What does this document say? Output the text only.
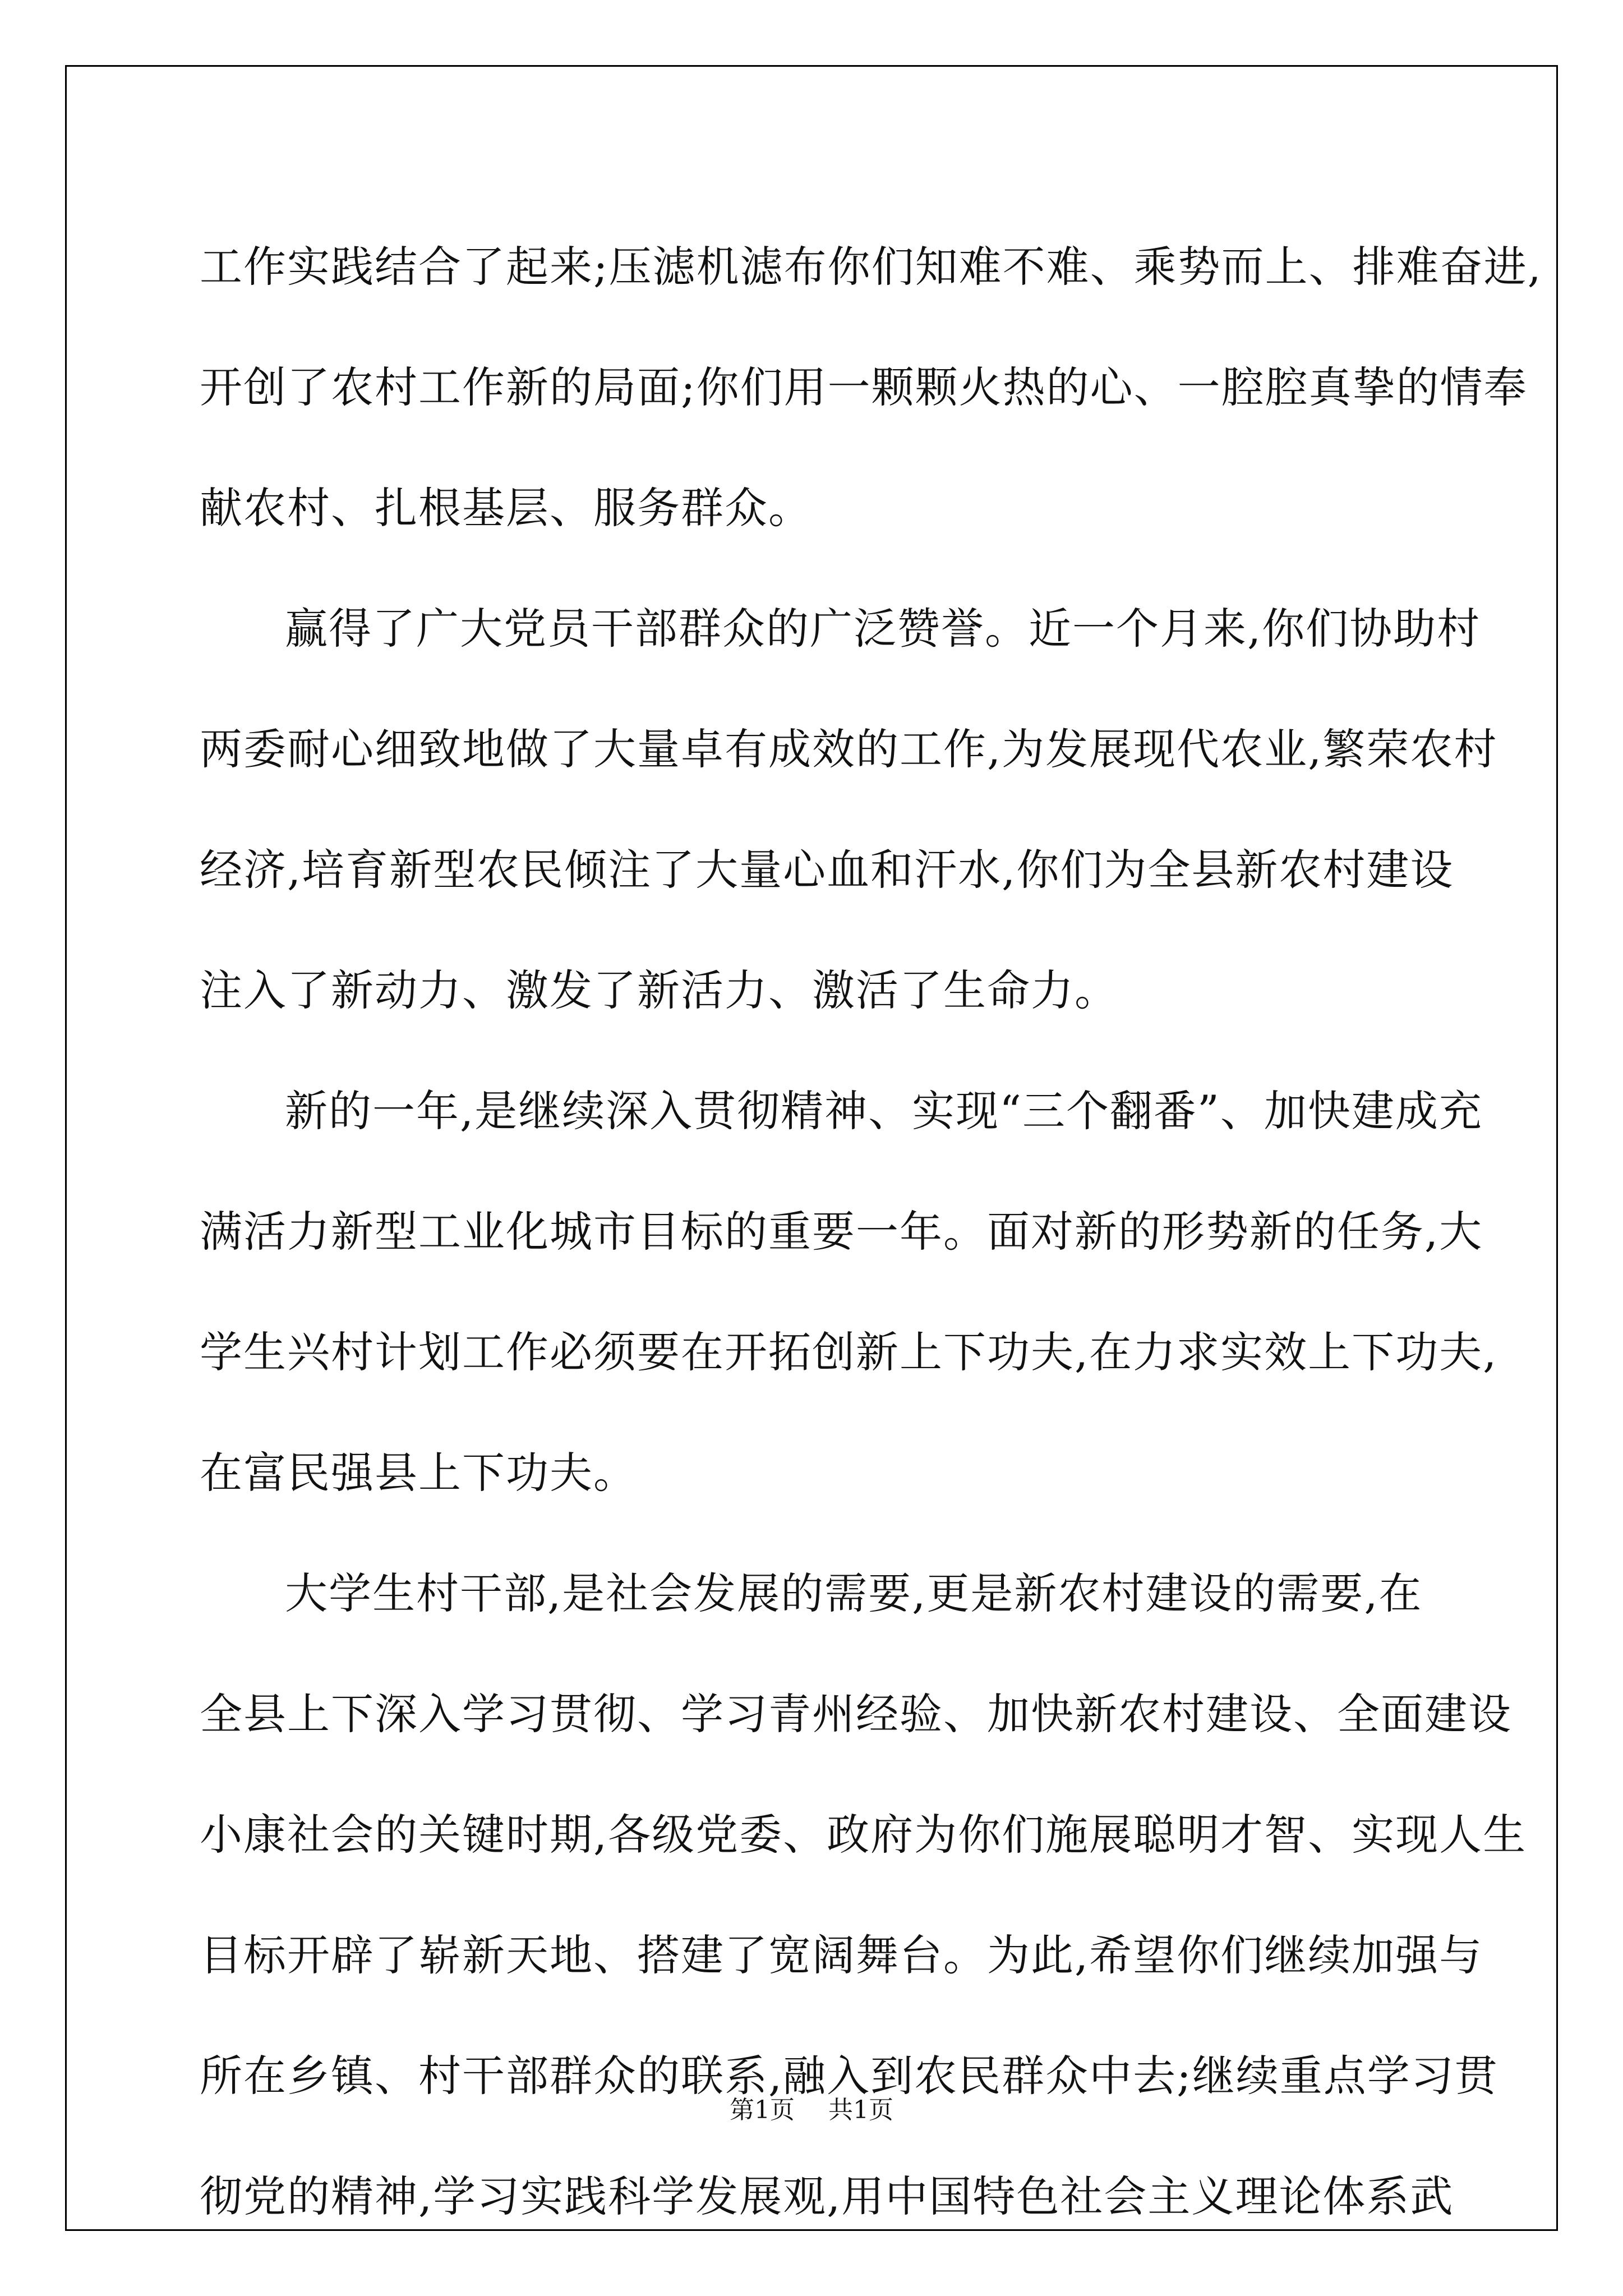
工作实践结合了起来;压滤机滤布你们知难不难、乘势而上、排难奋进,
开创了农村工作新的局面;你们用一颗颗火热的心、一腔腔真挚的情奉
献农村、扎根基层、服务群众。

赢得了广大党员干部群众的广泛赞誉。近一个月来,你们协助村
两委耐心细致地做了大量卓有成效的工作,为发展现代农业,繁荣农村
经济,培育新型农民倾注了大量心血和汗水,你们为全县新农村建设
注入了新动力、激发了新活力、激活了生命力。

新的一年,是继续深入贯彻精神、实现“三个翻番”、加快建成充
满活力新型工业化城市目标的重要一年。面对新的形势新的任务,大
学生兴村计划工作必须要在开拓创新上下功夫,在力求实效上下功夫,
在富民强县上下功夫。

大学生村干部,是社会发展的需要,更是新农村建设的需要,在
全县上下深入学习贯彻、学习青州经验、加快新农村建设、全面建设
小康社会的关键时期,各级党委、政府为你们施展聪明才智、实现人生
目标开辟了崭新天地、搭建了宽阔舞台。为此,希望你们继续加强与
所在乡镇、村干部群众的联系,融入到农民群众中去;继续重点学习贯
彻党的精神,学习实践科学发展观,用中国特色社会主义理论体系武

第1页 共1页
